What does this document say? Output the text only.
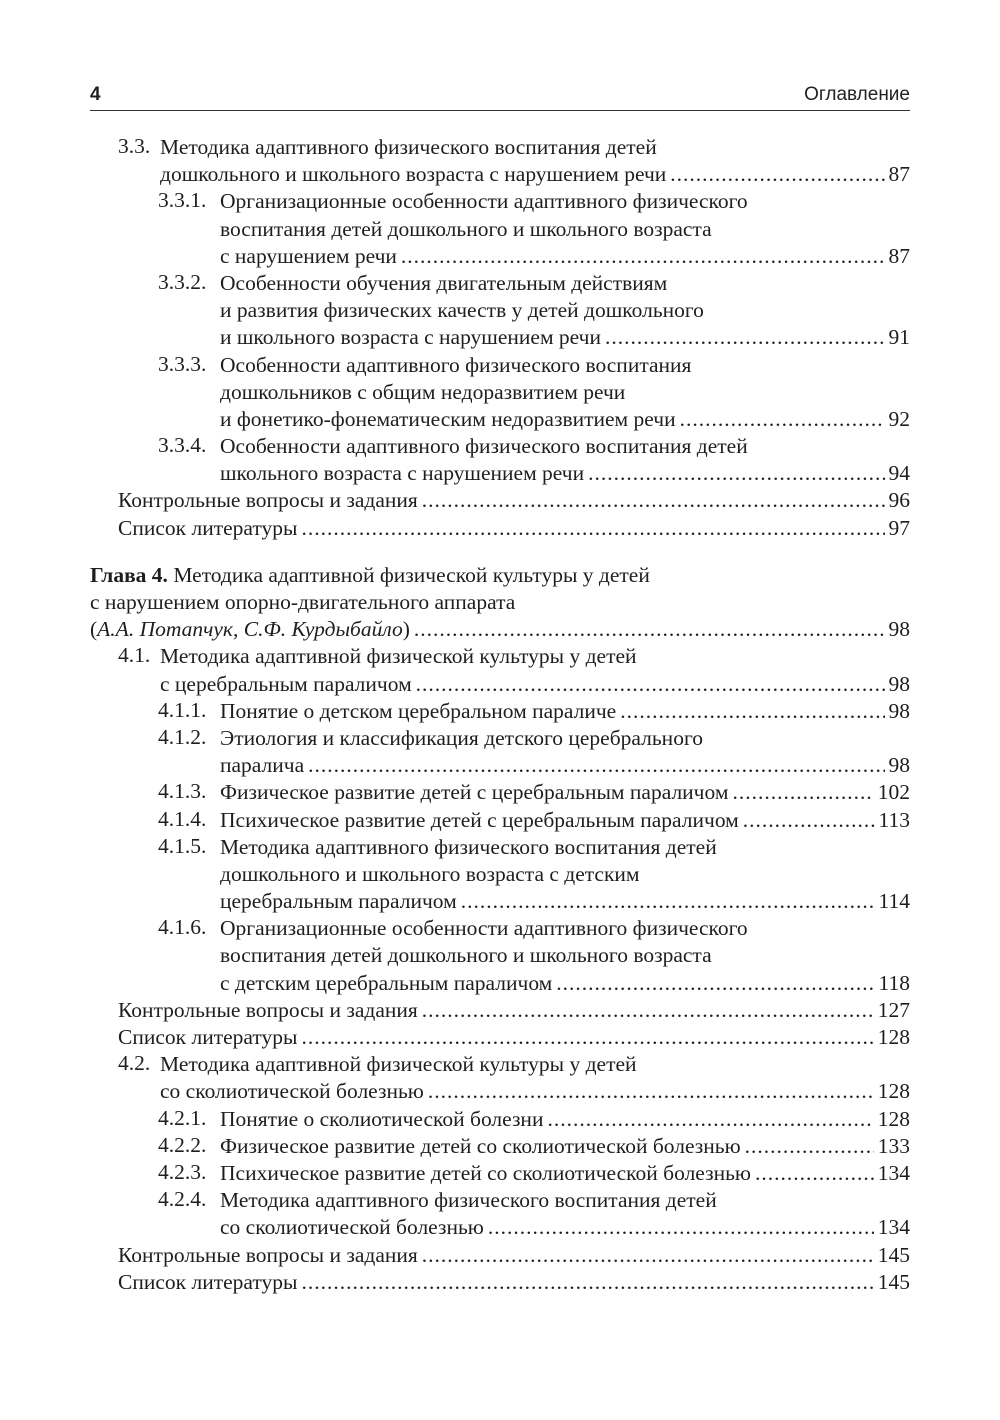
4	Оглавление
3.3. Методика адаптивного физического воспитания детей
дошкольного и школьного возраста с нарушением речи .....	87
3.3.1. Организационные особенности адаптивного физического
воспитания детей дошкольного и школьного возраста
с нарушением речи .....	87
3.3.2. Особенности обучения двигательным действиям
и развития физических качеств у детей дошкольного
и школьного возраста с нарушением речи .....	91
3.3.3. Особенности адаптивного физического воспитания
дошкольников с общим недоразвитием речи
и фонетико-фонематическим недоразвитием речи .....	92
3.3.4. Особенности адаптивного физического воспитания детей
школьного возраста с нарушением речи .....	94
Контрольные вопросы и задания .....	96
Список литературы .....	97
Глава 4. Методика адаптивной физической культуры у детей
с нарушением опорно-двигательного аппарата
(А.А. Потапчук, С.Ф. Курдыбайло) .....	98
4.1. Методика адаптивной физической культуры у детей
с церебральным параличом .....	98
4.1.1. Понятие о детском церебральном параличе .....	98
4.1.2. Этиология и классификация детского церебрального
паралича .....	98
4.1.3. Физическое развитие детей с церебральным параличом .....	102
4.1.4. Психическое развитие детей с церебральным параличом .....	113
4.1.5. Методика адаптивного физического воспитания детей
дошкольного и школьного возраста с детским
церебральным параличом .....	114
4.1.6. Организационные особенности адаптивного физического
воспитания детей дошкольного и школьного возраста
с детским церебральным параличом .....	118
Контрольные вопросы и задания .....	127
Список литературы .....	128
4.2. Методика адаптивной физической культуры у детей
со сколиотической болезнью .....	128
4.2.1. Понятие о сколиотической болезни .....	128
4.2.2. Физическое развитие детей со сколиотической болезнью .....	133
4.2.3. Психическое развитие детей со сколиотической болезнью .....	134
4.2.4. Методика адаптивного физического воспитания детей
со сколиотической болезнью .....	134
Контрольные вопросы и задания .....	145
Список литературы .....	145
